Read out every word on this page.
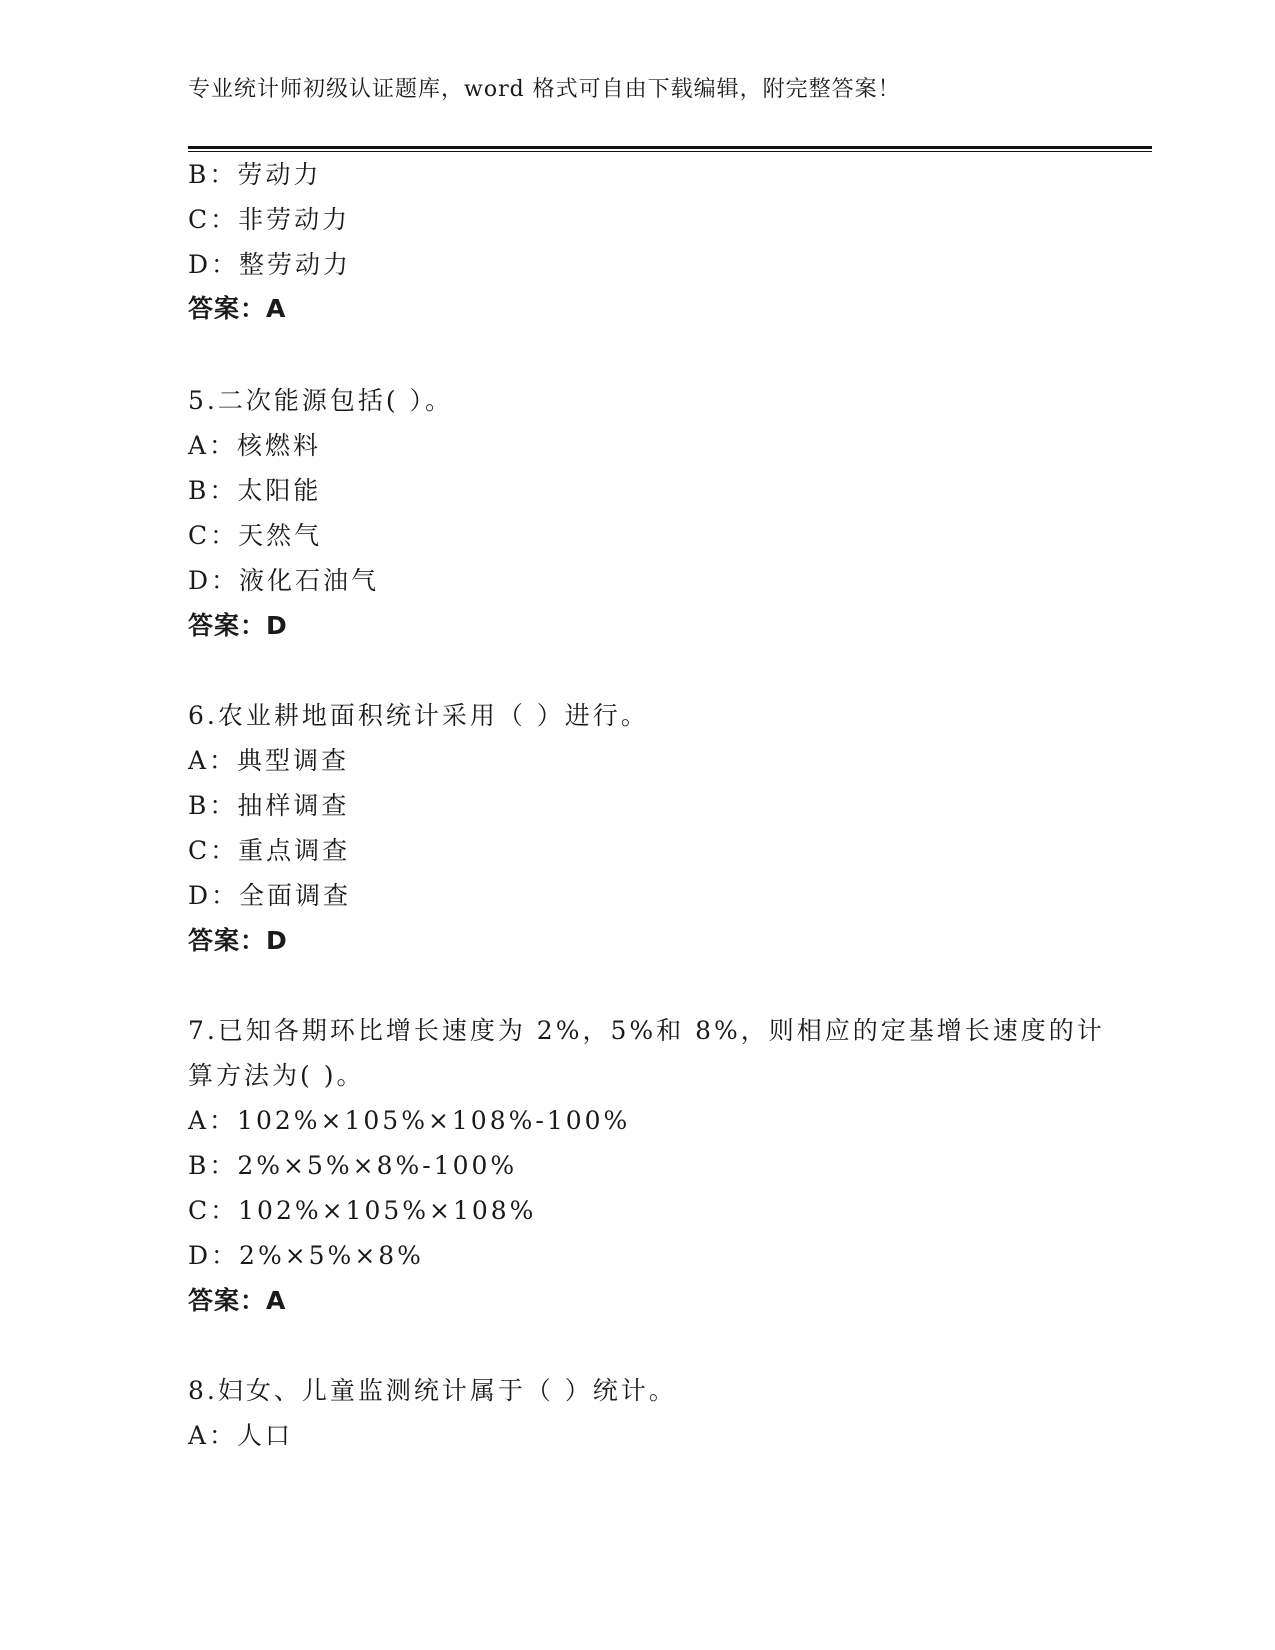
专业统计师初级认证题库，word 格式可自由下载编辑，附完整答案！
B：劳动力
C：非劳动力
D：整劳动力
答案：A
5.二次能源包括( ）。
A：核燃料
B：太阳能
C：天然气
D：液化石油气
答案：D
6.农业耕地面积统计采用（ ）进行。
A：典型调查
B：抽样调查
C：重点调查
D：全面调查
答案：D
7.已知各期环比增长速度为 2%，5%和 8%，则相应的定基增长速度的计
算方法为( )。
A：102%×105%×108%-100%
B：2%×5%×8%-100%
C：102%×105%×108%
D：2%×5%×8%
答案：A
8.妇女、儿童监测统计属于（ ）统计。
A：人口
